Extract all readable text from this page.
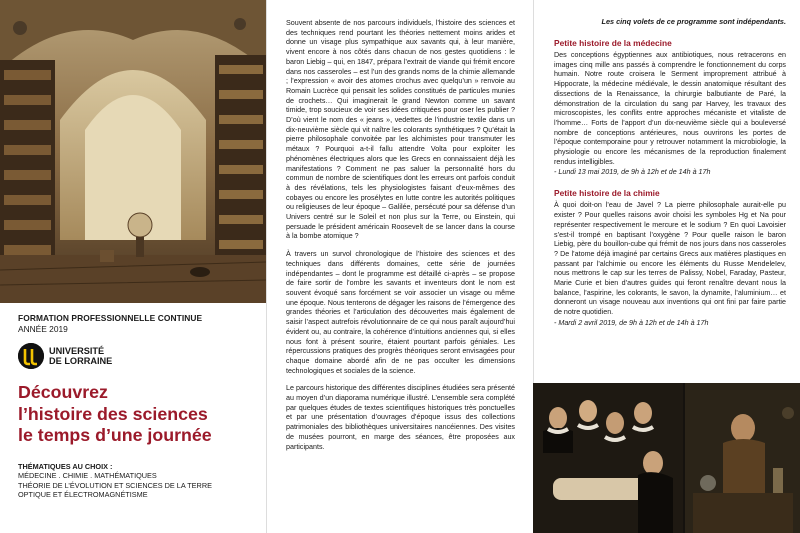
FORMATION PROFESSIONNELLE CONTINUE

ANNÉE 2019

UNIVERSITÉ
DE LORRAINE
Découvrez
l’histoire des sciences
le temps d’une journée
THÉMATIQUES AU CHOIX :
MÉDECINE . CHIMIE . MATHÉMATIQUES
THÉORIE DE L’ÉVOLUTION ET SCIENCES DE LA TERRE
OPTIQUE ET ÉLECTROMAGNÉTISME

Souvent absente de nos parcours individuels, l’histoire des sciences et des techniques rend pourtant les théories nettement moins arides et donne un visage plus sympathique aux savants qui, à leur manière, vivent encore à nos côtés dans chacun de nos gestes quotidiens : le baron Liebig – qui, en 1847, prépara l’extrait de viande qui frémit encore dans nos casseroles – est l’un des grands noms de la chimie allemande ; l’expression « avoir des atomes crochus avec quelqu’un » renvoie au Romain Lucrèce qui pensait les solides constitués de particules munies de crochets… Qui imaginerait le grand Newton comme un savant timide, trop soucieux de voir ses idées critiquées pour oser les publier ? D’où vient le nom des « jeans », vedettes de l’industrie textile dans un dix-neuvième siècle qui vit naître les colorants synthétiques ? Qu’était la pierre philosophale convoitée par les alchimistes pour transmuter les métaux ? Pourquoi a-t-il fallu attendre Volta pour exploiter les phénomènes électriques alors que les Grecs en connaissaient déjà les manifestations ? Comment ne pas saluer la personnalité hors du commun de nombre de scientifiques dont les erreurs ont parfois conduit à des révélations, tels les physiologistes faisant d’eux-mêmes des cobayes ou encore les prosélytes en lutte contre les autorités politiques ou religieuses de leur époque – Galilée, persécuté pour sa défense d’un Univers centré sur le Soleil et non plus sur la Terre, ou Einstein, qui persuade le président américain Roosevelt de se lancer dans la course à la bombe atomique ?

À travers un survol chronologique de l’histoire des sciences et des techniques dans différents domaines, cette série de journées indépendantes – dont le programme est détaillé ci-après – se propose de faire sortir de l’ombre les savants et inventeurs dont le nom est souvent évoqué sans forcément se voir associer un visage ou même une époque. Nous tenterons de dégager les raisons de l’émergence des grandes théories et l’articulation des découvertes mais également de saisir l’aspect autrefois révolutionnaire de ce qui nous paraît aujourd’hui évident ou, au contraire, la cohérence d’intuitions anciennes qui, si elles nous font à présent sourire, étaient pourtant parfois géniales. Les répercussions pratiques des progrès théoriques seront envisagées pour chaque domaine abordé afin de ne pas occulter les dimensions technologiques et sociales de la science.

Le parcours historique des différentes disciplines étudiées sera présenté au moyen d’un diaporama numérique illustré. L’ensemble sera complété par quelques études de textes scientifiques historiques très ponctuelles et par une présentation d’ouvrages d’époque issus des collections patrimoniales des bibliothèques universitaires nancéiennes. Des visites de musées pourront, en marge des séances, être proposées aux participants.

Les cinq volets de ce programme sont indépendants.

Petite histoire de la médecine

Des conceptions égyptiennes aux antibiotiques, nous retracerons en images cinq mille ans passés à comprendre le fonctionnement du corps humain. Notre route croisera le Serment improprement attribué à Hippocrate, la médecine médiévale, le dessin anatomique résultant des dissections de la Renaissance, la chirurgie balbutiante de Paré, la démonstration de la circulation du sang par Harvey, les travaux des microscopistes, les conflits entre approches mécaniste et vitaliste de l’homme… Forts de l’apport d’un dix-neuvième siècle qui a bouleversé nombre de conceptions antérieures, nous ouvrirons les portes de l’époque contemporaine pour y retrouver notamment la microbiologie, la physiologie ou encore les mécanismes de la reproduction finalement rendus intelligibles.

- Lundi 13 mai 2019, de 9h à 12h et de 14h à 17h

Petite histoire de la chimie

À quoi doit-on l’eau de Javel ? La pierre philosophale aurait-elle pu exister ? Pour quelles raisons avoir choisi les symboles Hg et Na pour représenter respectivement le mercure et le sodium ? En quoi Lavoisier s’est-il trompé en baptisant l’oxygène ? Pour quelle raison le baron Liebig, père du bouillon-cube qui frémit de nos jours dans nos casseroles ? De l’atome déjà imaginé par certains Grecs aux matières plastiques en passant par l’alchimie ou encore les éléments du Russe Mendeleïev, nous mettrons le cap sur les terres de Palissy, Nobel, Faraday, Pasteur, Marie Curie et bien d’autres guides qui feront renaître devant nous la balance, l’aspirine, les colorants, le savon, la dynamite, l’aluminium… et donneront un visage nouveau aux inventions qui ont fini par faire partie de notre quotidien.

- Mardi 2 avril 2019, de 9h à 12h et de 14h à 17h
